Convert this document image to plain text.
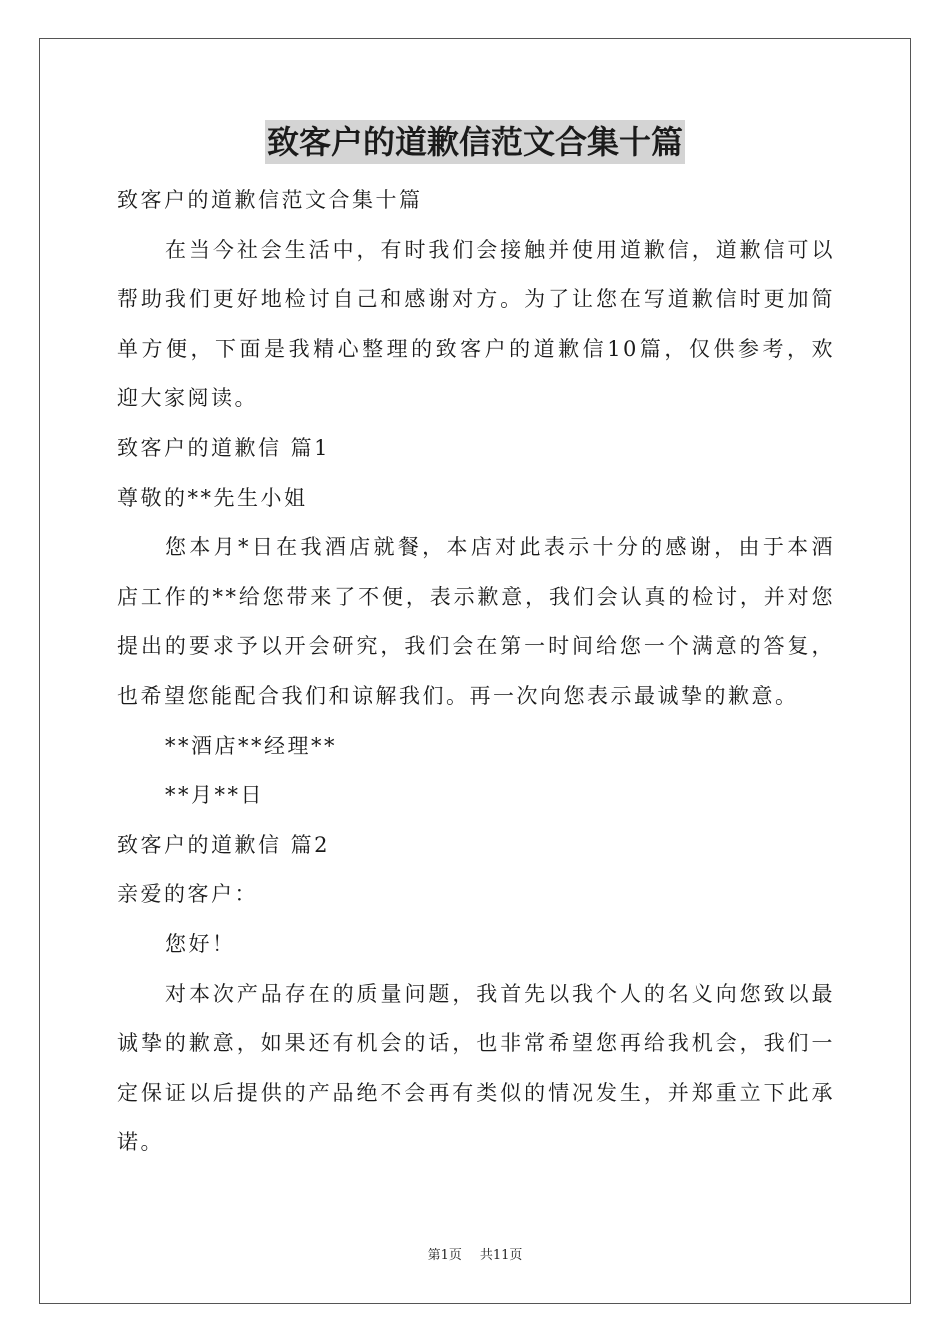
致客户的道歉信范文合集十篇

致客户的道歉信范文合集十篇

在当今社会生活中，有时我们会接触并使用道歉信，道歉信可以

帮助我们更好地检讨自己和感谢对方。为了让您在写道歉信时更加简

单方便，下面是我精心整理的致客户的道歉信10篇，仅供参考，欢

迎大家阅读。

致客户的道歉信 篇1

尊敬的**先生小姐

您本月*日在我酒店就餐，本店对此表示十分的感谢，由于本酒

店工作的**给您带来了不便，表示歉意，我们会认真的检讨，并对您

提出的要求予以开会研究，我们会在第一时间给您一个满意的答复，

也希望您能配合我们和谅解我们。再一次向您表示最诚挚的歉意。

**酒店**经理**

**月**日

致客户的道歉信 篇2

亲爱的客户：

您好！

对本次产品存在的质量问题，我首先以我个人的名义向您致以最

诚挚的歉意，如果还有机会的话，也非常希望您再给我机会，我们一

定保证以后提供的产品绝不会再有类似的情况发生，并郑重立下此承

诺。

第1页 共11页
